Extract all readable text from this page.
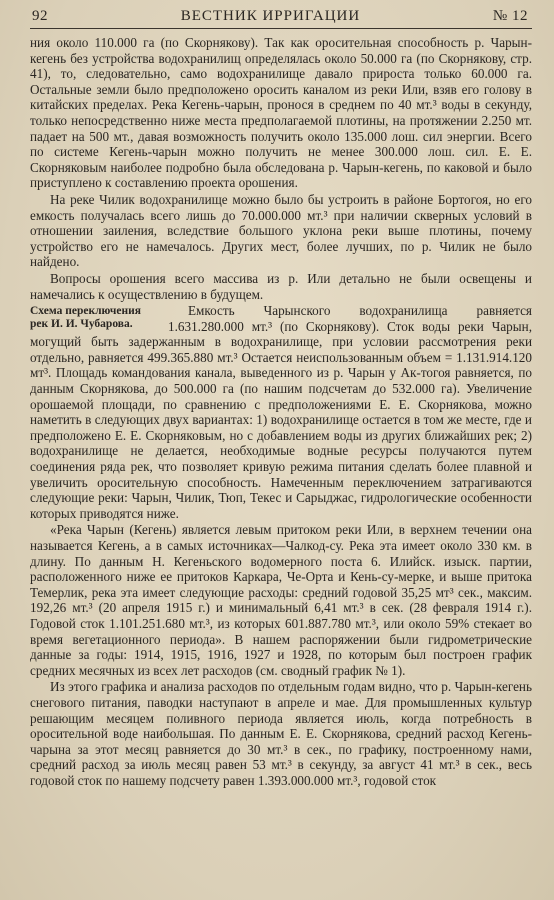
92	ВЕСТНИК ИРРИГАЦИИ	№ 12

ния около 110.000 га (по Скорнякову). Так как оросительная способность р. Чарын-кегень без устройства водохранилищ определялась около 50.000 га (по Скорнякову, стр. 41), то, следовательно, само водохранилище давало прироста только 60.000 га. Остальные земли было предположено оросить каналом из реки Или, взяв его голову в китайских пределах. Река Кегень-чарын, пронося в среднем по 40 мт.³ воды в секунду, только непосредственно ниже места предполагаемой плотины, на протяжении 2.250 мт. падает на 500 мт., давая возможность получить около 135.000 лош. сил энергии. Всего по системе Кегень-чарын можно получить не менее 300.000 лош. сил. Е. Е. Скорняковым наиболее подробно была обследована р. Чарын-кегень, по каковой и было приступлено к составлению проекта орошения.

На реке Чилик водохранилище можно было бы устроить в районе Бортогоя, но его емкость получалась всего лишь до 70.000.000 мт.³ при наличии скверных условий в отношении заиления, вследствие большого уклона реки выше плотины, почему устройство его не намечалось. Других мест, более лучших, по р. Чилик не было найдено.

Вопросы орошения всего массива из р. Или детально не были освещены и намечались к осуществлению в будущем.

Схема переключения рек И. И. Чубарова.
Емкость Чарынского водохранилища равняется 1.631.280.000 мт.³ (по Скорнякову). Сток воды реки Чарын, могущий быть задержанным в водохранилище, при условии рассмотрения реки отдельно, равняется 499.365.880 мт.³ Остается неиспользованным объем = 1.131.914.120 мт³. Площадь командования канала, выведенного из р. Чарын у Ак-тогоя равняется, по данным Скорнякова, до 500.000 га (по нашим подсчетам до 532.000 га). Увеличение орошаемой площади, по сравнению с предположениями Е. Е. Скорнякова, можно наметить в следующих двух вариантах: 1) водохранилище остается в том же месте, где и предположено Е. Е. Скорняковым, но с добавлением воды из других ближайших рек; 2) водохранилище не делается, необходимые водные ресурсы получаются путем соединения ряда рек, что позволяет кривую режима питания сделать более плавной и увеличить оросительную способность. Намеченным переключением затрагиваются следующие реки: Чарын, Чилик, Тюп, Текес и Сарыджас, гидрологические особенности которых приводятся ниже.

«Река Чарын (Кегень) является левым притоком реки Или, в верхнем течении она называется Кегень, а в самых источниках—Чалкод-су. Река эта имеет около 330 км. в длину. По данным Н. Кегеньского водомерного поста 6. Илийск. изыск. партии, расположенного ниже ее притоков Каркара, Че-Орта и Кень-су-мерке, и выше притока Темерлик, река эта имеет следующие расходы: средний годовой 35,25 мт³ сек., максим. 192,26 мт.³ (20 апреля 1915 г.) и минимальный 6,41 мт.³ в сек. (28 февраля 1914 г.). Годовой сток 1.101.251.680 мт.³, из которых 601.887.780 мт.³, или около 59% стекает во время вегетационного периода». В нашем распоряжении были гидрометрические данные за годы: 1914, 1915, 1916, 1927 и 1928, по которым был построен график средних месячных из всех лет расходов (см. сводный график № 1).

Из этого графика и анализа расходов по отдельным годам видно, что р. Чарын-кегень снегового питания, паводки наступают в апреле и мае. Для промышленных культур решающим месяцем поливного периода является июль, когда потребность в оросительной воде наибольшая. По данным Е. Е. Скорнякова, средний расход Кегень-чарына за этот месяц равняется до 30 мт.³ в сек., по графику, построенному нами, средний расход за июль месяц равен 53 мт.³ в секунду, за август 41 мт.³ в сек., весь годовой сток по нашему подсчету равен 1.393.000.000 мт.³, годовой сток
